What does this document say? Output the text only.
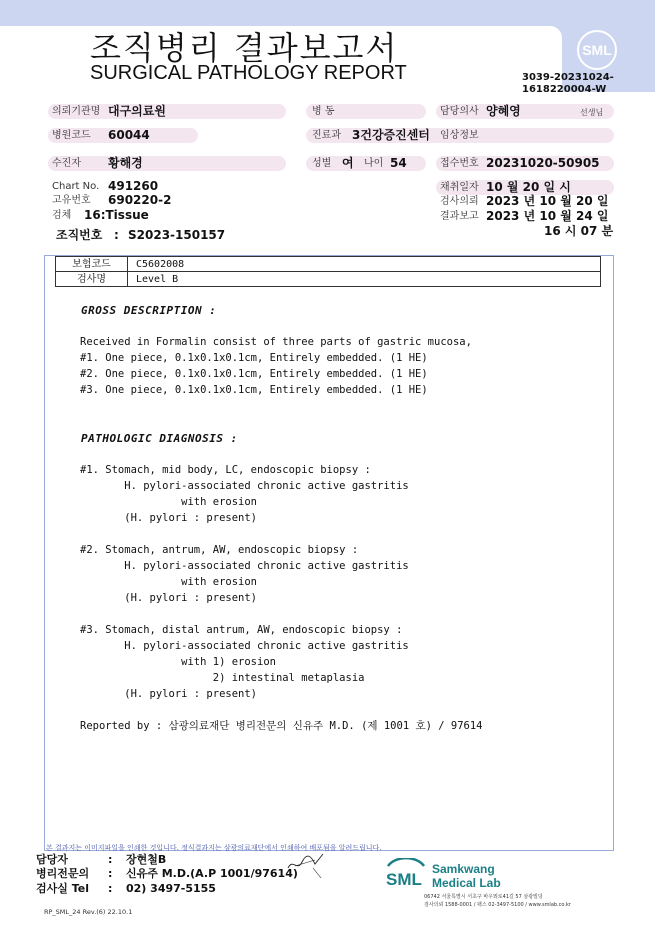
조직병리 결과보고서
SURGICAL PATHOLOGY REPORT
SML
3039-20231024-1618220004-W
의뢰기관명 대구의료원	병 동	담당의사 양혜영	선생님
병원코드 60044	진료과 3건강증진센터 임상정보
수진자 황해경	성별 여 나이 54	접수번호 20231020-50905
Chart No. 491260
고유번호 690220-2
검체 16:Tissue
조직번호 : S2023-150157
채취일자 10 월 20 일 시
검사의뢰 2023 년 10 월 20 일
결과보고 2023 년 10 월 24 일
16 시 07 분
보험코드	C5602008
검사명	Level B
GROSS DESCRIPTION :
Received in Formalin consist of three parts of gastric mucosa,
#1. One piece, 0.1x0.1x0.1cm, Entirely embedded. (1 HE)
#2. One piece, 0.1x0.1x0.1cm, Entirely embedded. (1 HE)
#3. One piece, 0.1x0.1x0.1cm, Entirely embedded. (1 HE)
PATHOLOGIC DIAGNOSIS :
#1. Stomach, mid body, LC, endoscopic biopsy :
H. pylori-associated chronic active gastritis
with erosion
(H. pylori : present)
#2. Stomach, antrum, AW, endoscopic biopsy :
H. pylori-associated chronic active gastritis
with erosion
(H. pylori : present)
#3. Stomach, distal antrum, AW, endoscopic biopsy :
H. pylori-associated chronic active gastritis
with 1) erosion
2) intestinal metaplasia
(H. pylori : present)
Reported by : 삼광의료재단 병리전문의 신유주 M.D. (제 1001 호) / 97614
본 결과지는 이미지파일을 인쇄한 것입니다. 정식결과지는 삼광의료재단에서 인쇄하여 배포됨을 알려드립니다.
담당자	: 장현철B
병리전문의 : 신유주 M.D.(A.P 1001/97614)
검사실 Tel : 02) 3497-5155
RP_SML_24 Rev.(6) 22.10.1
SML
Samkwang
Medical Lab
06742 서울특별시 서초구 바우뫼로41길 57 삼광빌딩
검사의뢰 1588-0001 / 팩스 02-3497-5100 / www.smlab.co.kr
